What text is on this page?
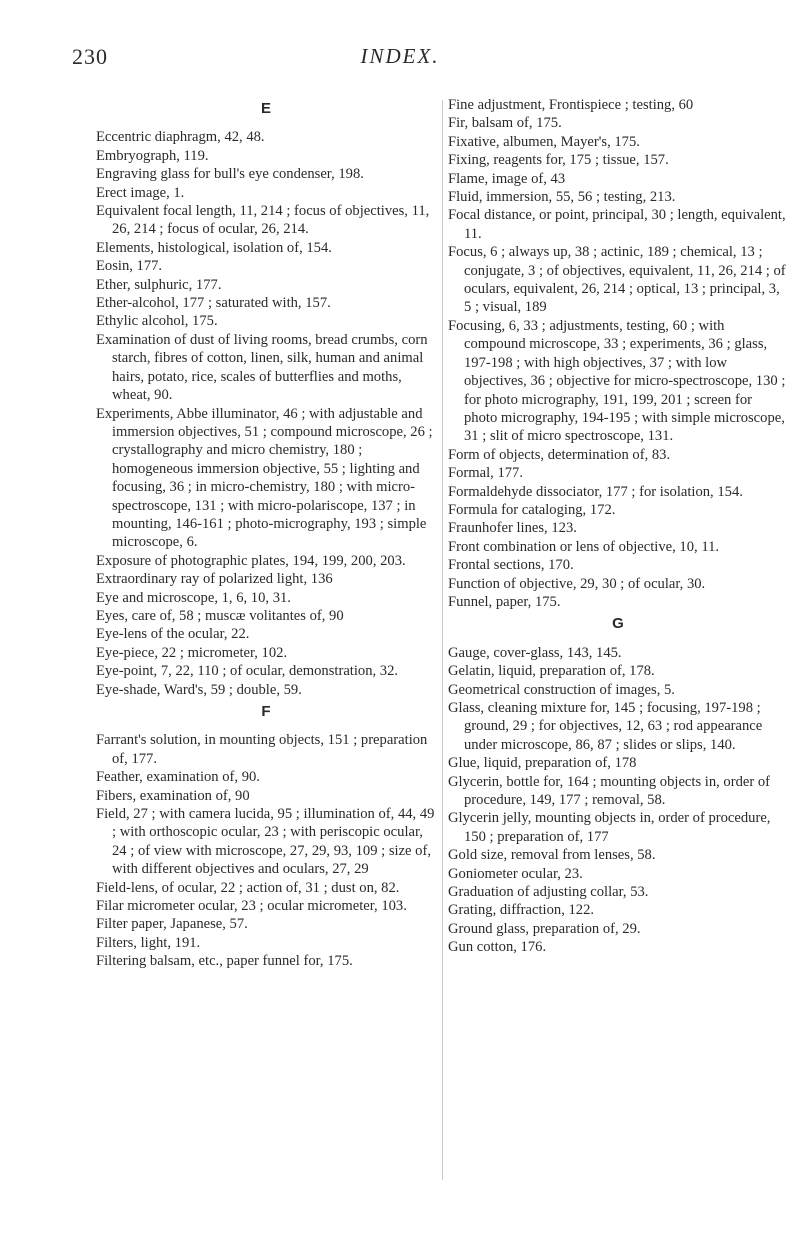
230	INDEX.
E
Eccentric diaphragm, 42, 48.
Embryograph, 119.
Engraving glass for bull's eye condenser, 198.
Erect image, 1.
Equivalent focal length, 11, 214 ; focus of objectives, 11, 26, 214 ; focus of ocular, 26, 214.
Elements, histological, isolation of, 154.
Eosin, 177.
Ether, sulphuric, 177.
Ether-alcohol, 177 ; saturated with, 157.
Ethylic alcohol, 175.
Examination of dust of living rooms, bread crumbs, corn starch, fibres of cotton, linen, silk, human and animal hairs, potato, rice, scales of butterflies and moths, wheat, 90.
Experiments, Abbe illuminator, 46 ; with adjustable and immersion objectives, 51 ; compound microscope, 26 ; crystallography and micro chemistry, 180 ; homogeneous immersion objective, 55 ; lighting and focusing, 36 ; in micro-chemistry, 180 ; with micro-spectroscope, 131 ; with micro-polariscope, 137 ; in mounting, 146-161 ; photo-micrography, 193 ; simple microscope, 6.
Exposure of photographic plates, 194, 199, 200, 203.
Extraordinary ray of polarized light, 136
Eye and microscope, 1, 6, 10, 31.
Eyes, care of, 58 ; muscæ volitantes of, 90
Eye-lens of the ocular, 22.
Eye-piece, 22 ; micrometer, 102.
Eye-point, 7, 22, 110 ; of ocular, demonstration, 32.
Eye-shade, Ward's, 59 ; double, 59.
F
Farrant's solution, in mounting objects, 151 ; preparation of, 177.
Feather, examination of, 90.
Fibers, examination of, 90
Field, 27 ; with camera lucida, 95 ; illumination of, 44, 49 ; with orthoscopic ocular, 23 ; with periscopic ocular, 24 ; of view with microscope, 27, 29, 93, 109 ; size of, with different objectives and oculars, 27, 29
Field-lens, of ocular, 22 ; action of, 31 ; dust on, 82.
Filar micrometer ocular, 23 ; ocular micrometer, 103.
Filter paper, Japanese, 57.
Filters, light, 191.
Filtering balsam, etc., paper funnel for, 175.
Fine adjustment, Frontispiece ; testing, 60
Fir, balsam of, 175.
Fixative, albumen, Mayer's, 175.
Fixing, reagents for, 175 ; tissue, 157.
Flame, image of, 43
Fluid, immersion, 55, 56 ; testing, 213.
Focal distance, or point, principal, 30 ; length, equivalent, 11.
Focus, 6 ; always up, 38 ; actinic, 189 ; chemical, 13 ; conjugate, 3 ; of objectives, equivalent, 11, 26, 214 ; of oculars, equivalent, 26, 214 ; optical, 13 ; principal, 3, 5 ; visual, 189
Focusing, 6, 33 ; adjustments, testing, 60 ; with compound microscope, 33 ; experiments, 36 ; glass, 197-198 ; with high objectives, 37 ; with low objectives, 36 ; objective for micro-spectroscope, 130 ; for photo micrography, 191, 199, 201 ; screen for photo micrography, 194-195 ; with simple microscope, 31 ; slit of micro spectroscope, 131.
Form of objects, determination of, 83.
Formal, 177.
Formaldehyde dissociator, 177 ; for isolation, 154.
Formula for cataloging, 172.
Fraunhofer lines, 123.
Front combination or lens of objective, 10, 11.
Frontal sections, 170.
Function of objective, 29, 30 ; of ocular, 30.
Funnel, paper, 175.
G
Gauge, cover-glass, 143, 145.
Gelatin, liquid, preparation of, 178.
Geometrical construction of images, 5.
Glass, cleaning mixture for, 145 ; focusing, 197-198 ; ground, 29 ; for objectives, 12, 63 ; rod appearance under microscope, 86, 87 ; slides or slips, 140.
Glue, liquid, preparation of, 178
Glycerin, bottle for, 164 ; mounting objects in, order of procedure, 149, 177 ; removal, 58.
Glycerin jelly, mounting objects in, order of procedure, 150 ; preparation of, 177
Gold size, removal from lenses, 58.
Goniometer ocular, 23.
Graduation of adjusting collar, 53.
Grating, diffraction, 122.
Ground glass, preparation of, 29.
Gun cotton, 176.
